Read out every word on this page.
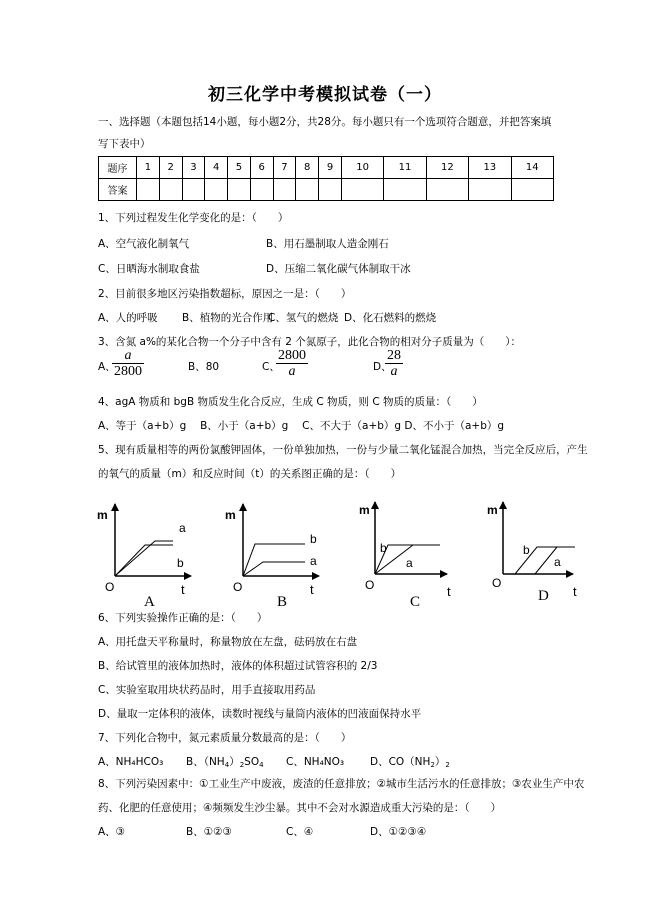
初三化学中考模拟试卷（一）
一、选择题（本题包括14小题，每小题2分，共28分。每小题只有一个选项符合题意，并把答案填写下表中）
题序	1	2	3	4	5	6	7	8	9	10	11	12	13	14
答案														
1、下列过程发生化学变化的是：（　　）
A、空气液化制氧气	B、用石墨制取人造金刚石
C、日晒海水制取食盐	D、压缩二氧化碳气体制取干冰
2、目前很多地区污染指数超标，原因之一是：（　　）
A、人的呼吸 B、植物的光合作用
C、氢气的燃烧 D、化石燃料的燃烧
3、含氮 a%的某化合物一个分子中含有 2 个氮原子，此化合物的相对分子质量为（　　）：
A、
$\frac{a}{2800}$	B、80	C、
$\frac{2800}{a}$	D、
$\frac{28}{a}$
4、agA 物质和 bgB 物质发生化合反应，生成 C 物质，则 C 物质的质量：（　　）
A、等于（a+b）g　 B、小于（a+b）g　 C、不大于（a+b）g D、不小于（a+b）g
5、现有质量相等的两份氯酸钾固体，一份单独加热，一份与少量二氧化锰混合加热，当完全反应后，产生
的氧气的质量（m）和反应时间（t）的关系图正确的是：（　　）
m
t
O
a
b
A
m
t
O
b
a
B
m
t
O
b
a
C
m
t
O
b
a
D
6、下列实验操作正确的是：（　　）
A、用托盘天平称量时，称量物放在左盘，砝码放在右盘
B、给试管里的液体加热时，液体的体积超过试管容积的 2/3
C、实验室取用块状药品时，用手直接取用药品
D、量取一定体积的液体，读数时视线与量筒内液体的凹液面保持水平
7、下列化合物中，氮元素质量分数最高的是：（　　）
A、NH₄HCO₃ B、$(NH_4)_2SO_4$ C、NH₄NO₃ D、$CO(NH_2)_2$
8、下列污染因素中：①工业生产中废液，废渣的任意排放；②城市生活污水的任意排放；③农业生产中农
药、化肥的任意使用；④频频发生沙尘暴。其中不会对水源造成重大污染的是：（　　）
A、③	B、①②③	C、④	D、①②③④
